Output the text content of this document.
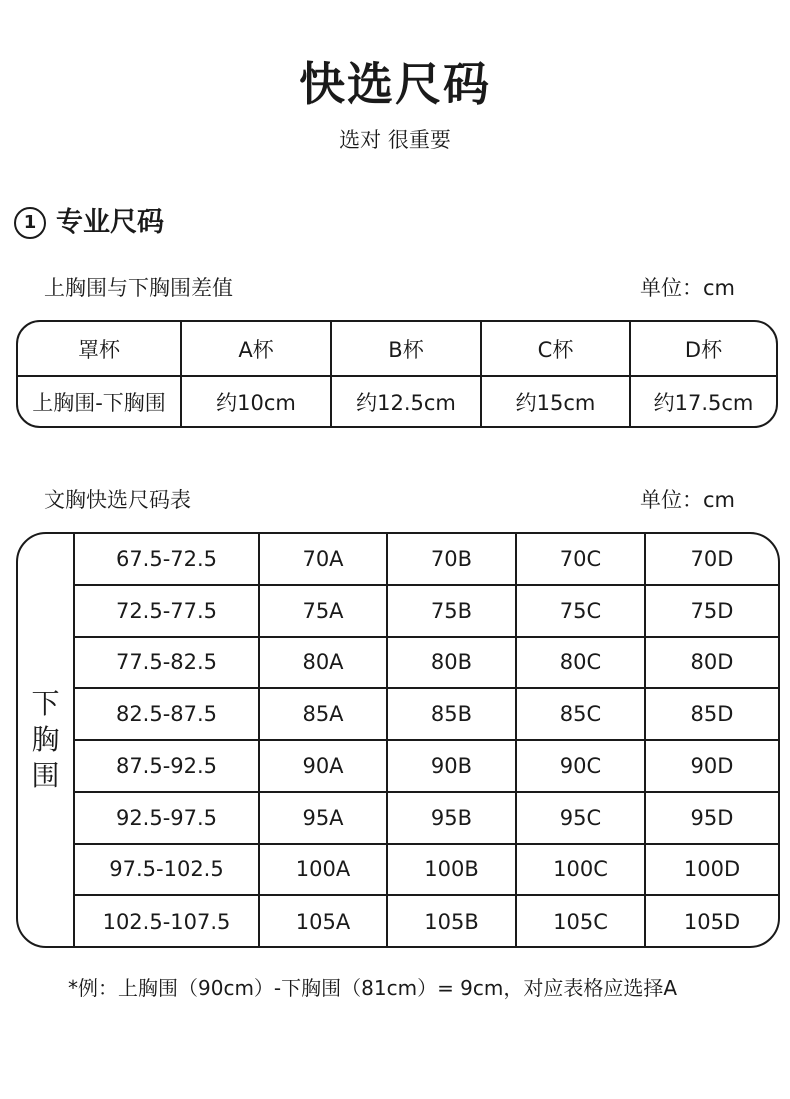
快选尺码
选对 很重要
1 专业尺码
上胸围与下胸围差值	单位：cm
罩杯	A杯	B杯	C杯	D杯
上胸围-下胸围	约10cm	约12.5cm	约15cm	约17.5cm
文胸快选尺码表	单位：cm
下胸围
67.5-72.5	70A	70B	70C	70D
72.5-77.5	75A	75B	75C	75D
77.5-82.5	80A	80B	80C	80D
82.5-87.5	85A	85B	85C	85D
87.5-92.5	90A	90B	90C	90D
92.5-97.5	95A	95B	95C	95D
97.5-102.5	100A	100B	100C	100D
102.5-107.5	105A	105B	105C	105D
*例：上胸围（90cm）-下胸围（81cm）= 9cm，对应表格应选择A
